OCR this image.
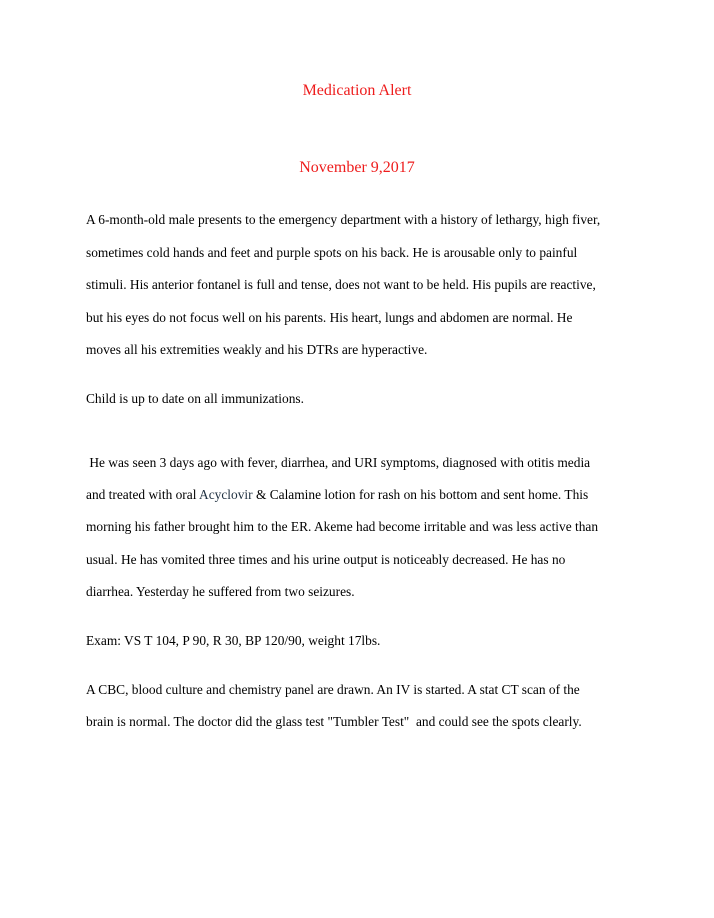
Medication Alert
November 9,2017
A 6-month-old male presents to the emergency department with a history of lethargy, high fiver,
sometimes cold hands and feet and purple spots on his back. He is arousable only to painful
stimuli. His anterior fontanel is full and tense, does not want to be held. His pupils are reactive,
but his eyes do not focus well on his parents. His heart, lungs and abdomen are normal. He
moves all his extremities weakly and his DTRs are hyperactive.
Child is up to date on all immunizations.
He was seen 3 days ago with fever, diarrhea, and URI symptoms, diagnosed with otitis media
and treated with oral Acyclovir & Calamine lotion for rash on his bottom and sent home. This
morning his father brought him to the ER. Akeme had become irritable and was less active than
usual. He has vomited three times and his urine output is noticeably decreased. He has no
diarrhea. Yesterday he suffered from two seizures.
Exam: VS T 104, P 90, R 30, BP 120/90, weight 17lbs.
A CBC, blood culture and chemistry panel are drawn. An IV is started. A stat CT scan of the
brain is normal. The doctor did the glass test "Tumbler Test"  and could see the spots clearly.
